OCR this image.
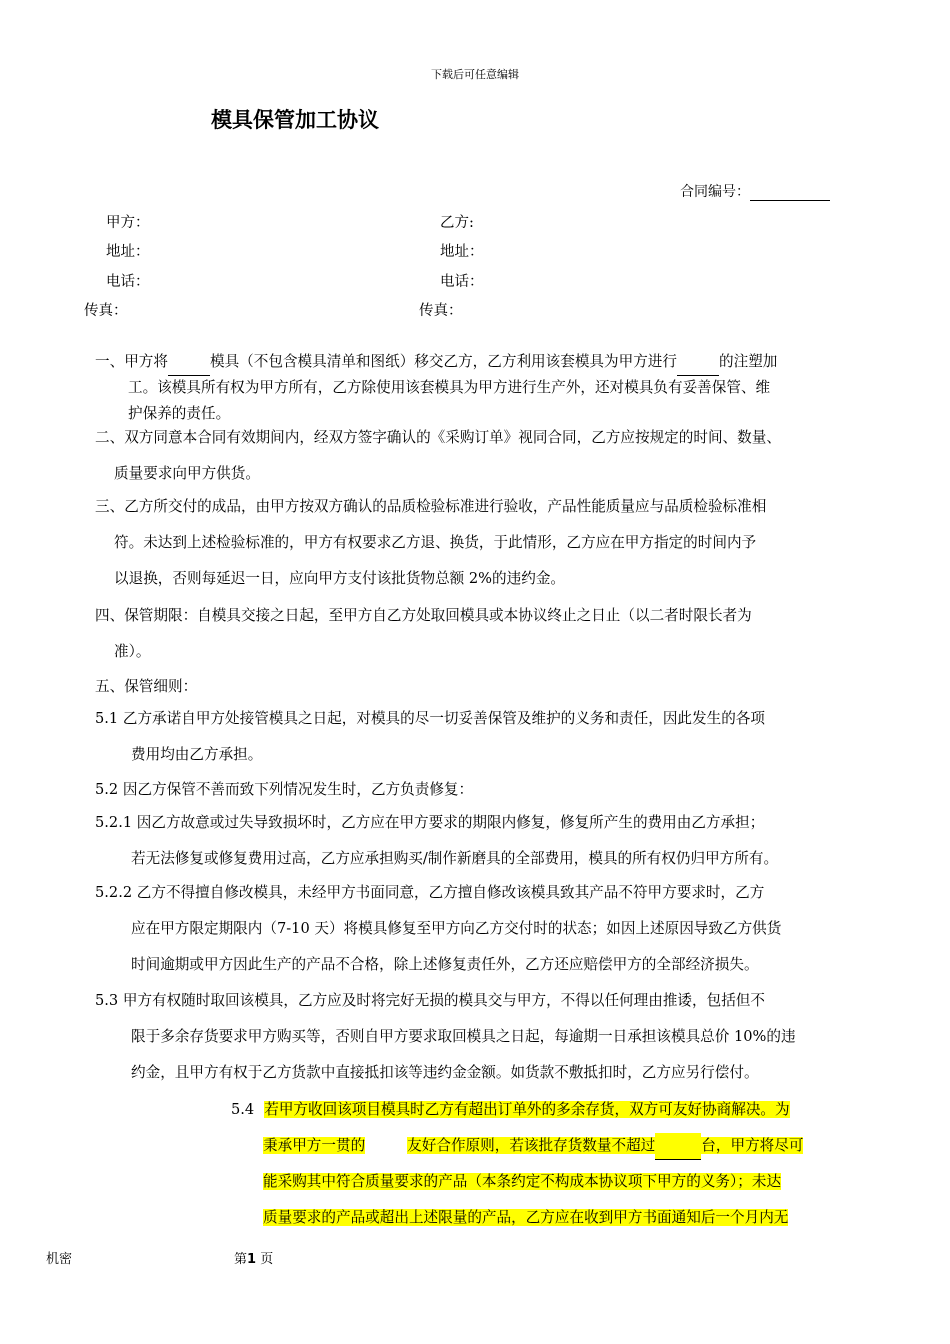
下载后可任意编辑
模具保管加工协议
合同编号：
甲方：	乙方:
地址：	地址：
电话：	电话：
传真：	传真：
一、甲方将	模具（不包含模具清单和图纸）移交乙方，乙方利用该套模具为甲方进行	的注塑加
工。该模具所有权为甲方所有，乙方除使用该套模具为甲方进行生产外，还对模具负有妥善保管、维
护保养的责任。
二、双方同意本合同有效期间内，经双方签字确认的《采购订单》视同合同，乙方应按规定的时间、数量、
质量要求向甲方供货。
三、乙方所交付的成品，由甲方按双方确认的品质检验标准进行验收，产品性能质量应与品质检验标准相
符。未达到上述检验标准的，甲方有权要求乙方退、换货，于此情形，乙方应在甲方指定的时间内予
以退换，否则每延迟一日，应向甲方支付该批货物总额 2%的违约金。
四、保管期限：自模具交接之日起，至甲方自乙方处取回模具或本协议终止之日止（以二者时限长者为
准）。
五、保管细则：
5.1 乙方承诺自甲方处接管模具之日起，对模具的尽一切妥善保管及维护的义务和责任，因此发生的各项
费用均由乙方承担。
5.2 因乙方保管不善而致下列情况发生时，乙方负责修复：
5.2.1 因乙方故意或过失导致损坏时，乙方应在甲方要求的期限内修复，修复所产生的费用由乙方承担；
若无法修复或修复费用过高，乙方应承担购买/制作新磨具的全部费用，模具的所有权仍归甲方所有。
5.2.2 乙方不得擅自修改模具，未经甲方书面同意，乙方擅自修改该模具致其产品不符甲方要求时，乙方
应在甲方限定期限内（7-10 天）将模具修复至甲方向乙方交付时的状态；如因上述原因导致乙方供货
时间逾期或甲方因此生产的产品不合格，除上述修复责任外，乙方还应赔偿甲方的全部经济损失。
5.3 甲方有权随时取回该模具，乙方应及时将完好无损的模具交与甲方，不得以任何理由推诿，包括但不
限于多余存货要求甲方购买等，否则自甲方要求取回模具之日起，每逾期一日承担该模具总价 10%的违
约金，且甲方有权于乙方货款中直接抵扣该等违约金金额。如货款不敷抵扣时，乙方应另行偿付。
5.4 若甲方收回该项目模具时乙方有超出订单外的多余存货，双方可友好协商解决。为
秉承甲方一贯的	友好合作原则，若该批存货数量不超过	台，甲方将尽可
能采购其中符合质量要求的产品（本条约定不构成本协议项下甲方的义务）；未达
质量要求的产品或超出上述限量的产品，乙方应在收到甲方书面通知后一个月内无
机密	第1 页
